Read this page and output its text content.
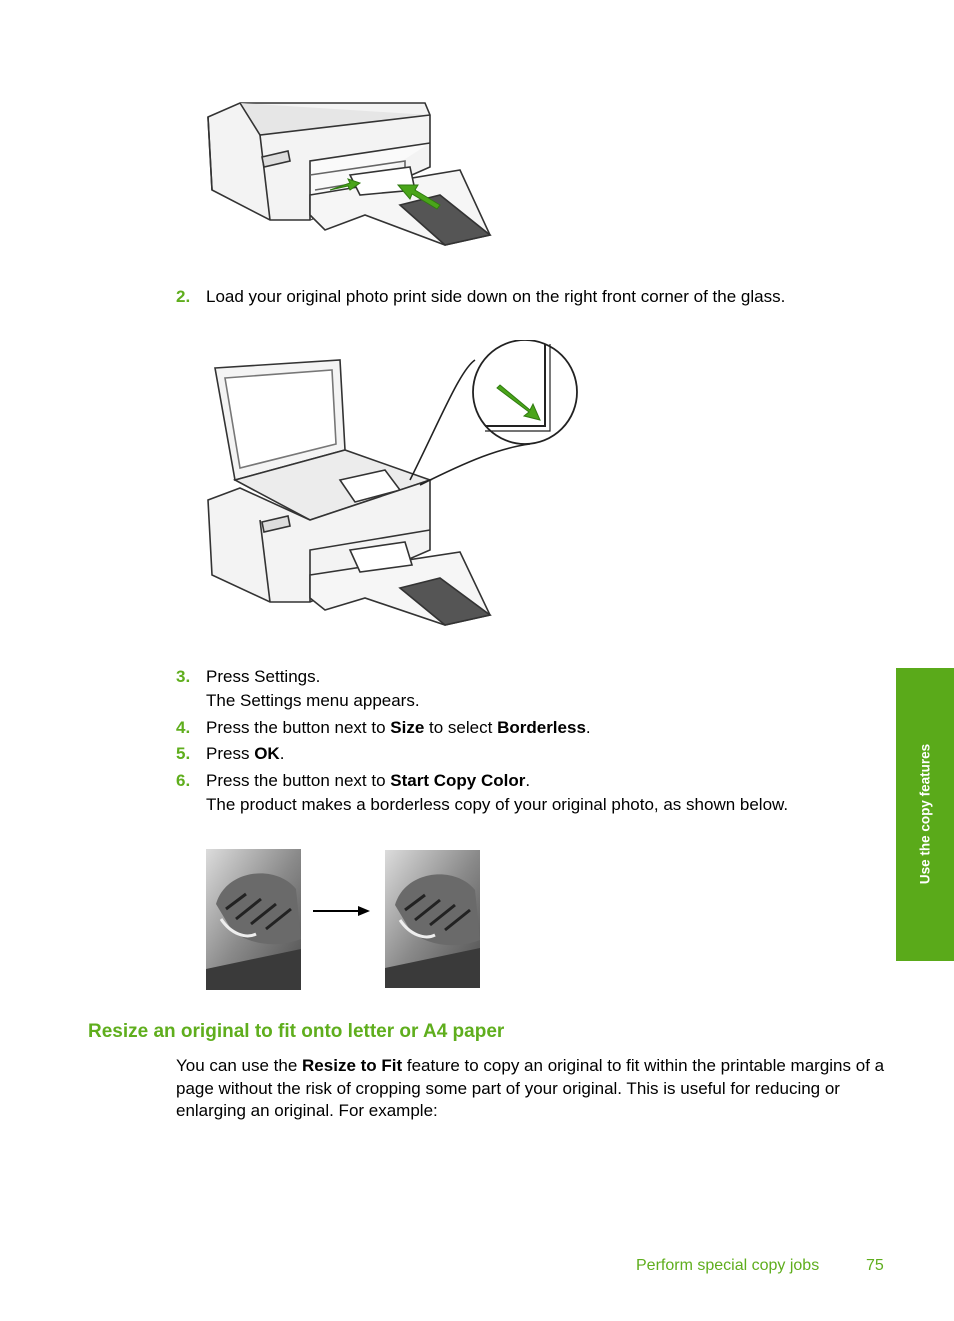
2. Load your original photo print side down on the right front corner of the glass.
3. Press Settings.
The Settings menu appears.
4. Press the button next to Size to select Borderless.
5. Press OK.
6. Press the button next to Start Copy Color.
The product makes a borderless copy of your original photo, as shown below.
Resize an original to fit onto letter or A4 paper
You can use the Resize to Fit feature to copy an original to fit within the printable margins of a page without the risk of cropping some part of your original. This is useful for reducing or enlarging an original. For example:
Use the copy features
Perform special copy jobs	75
